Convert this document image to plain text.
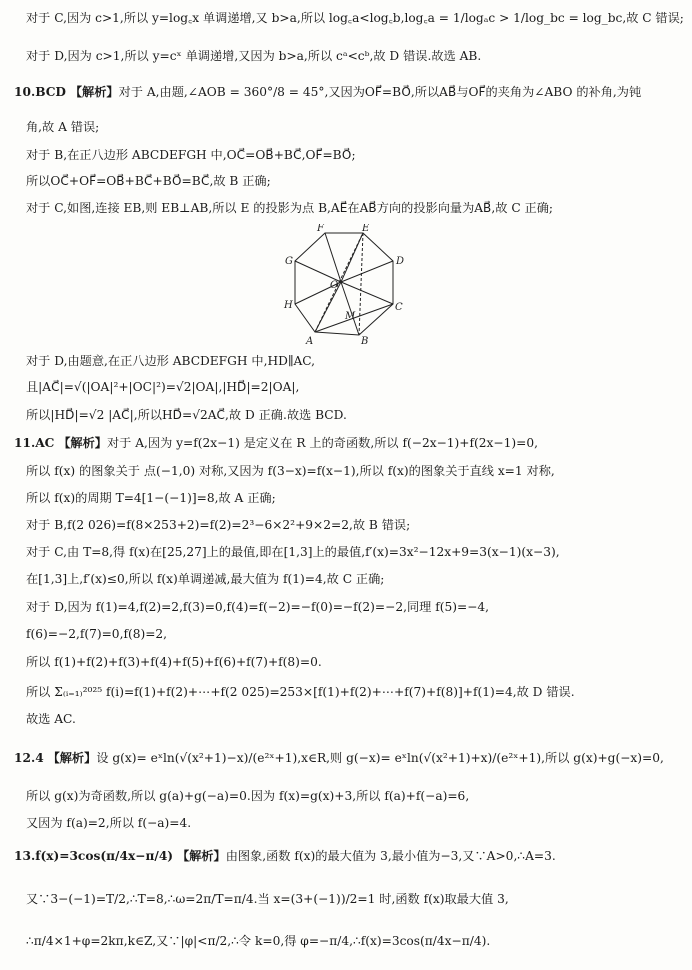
对于 C,因为 c>1,所以 y=log꜀x 单调递增,又 b>a,所以 log꜀a<log꜀b,log꜀a = 1/logₐc > 1/log_bc = log_bc,故 C 错误;
对于 D,因为 c>1,所以 y=cˣ 单调递增,又因为 b>a,所以 cᵃ<cᵇ,故 D 错误.故选 AB.
10.BCD 【解析】对于 A,由题,∠AOB = 360°/8 = 45°,又因为OF⃗=BO⃗,所以AB⃗与OF⃗的夹角为∠ABO 的补角,为钝
角,故 A 错误;
对于 B,在正八边形 ABCDEFGH 中,OC⃗=OB⃗+BC⃗,OF⃗=BO⃗;
所以OC⃗+OF⃗=OB⃗+BC⃗+BO⃗=BC⃗,故 B 正确;
对于 C,如图,连接 EB,则 EB⊥AB,所以 E 的投影为点 B,AE⃗在AB⃗方向的投影向量为AB⃗,故 C 正确;
F	E
G	D
H	C
A	B
O
M
对于 D,由题意,在正八边形 ABCDEFGH 中,HD∥AC,
且|AC⃗|=√(|OA|²+|OC|²)=√2|OA|,|HD⃗|=2|OA|,
所以|HD⃗|=√2 |AC⃗|,所以HD⃗=√2AC⃗,故 D 正确.故选 BCD.
11.AC 【解析】对于 A,因为 y=f(2x−1) 是定义在 R 上的奇函数,所以 f(−2x−1)+f(2x−1)=0,
所以 f(x) 的图象关于 点(−1,0) 对称,又因为 f(3−x)=f(x−1),所以 f(x)的图象关于直线 x=1 对称,
所以 f(x)的周期 T=4[1−(−1)]=8,故 A 正确;
对于 B,f(2 026)=f(8×253+2)=f(2)=2³−6×2²+9×2=2,故 B 错误;
对于 C,由 T=8,得 f(x)在[25,27]上的最值,即在[1,3]上的最值,f′(x)=3x²−12x+9=3(x−1)(x−3),
在[1,3]上,f′(x)≤0,所以 f(x)单调递减,最大值为 f(1)=4,故 C 正确;
对于 D,因为 f(1)=4,f(2)=2,f(3)=0,f(4)=f(−2)=−f(0)=−f(2)=−2,同理 f(5)=−4,
f(6)=−2,f(7)=0,f(8)=2,
所以 f(1)+f(2)+f(3)+f(4)+f(5)+f(6)+f(7)+f(8)=0.
所以 Σ₍ᵢ₌₁₎²⁰²⁵ f(i)=f(1)+f(2)+⋯+f(2 025)=253×[f(1)+f(2)+⋯+f(7)+f(8)]+f(1)=4,故 D 错误.
故选 AC.
12.4 【解析】设 g(x)= eˣln(√(x²+1)−x)/(e²ˣ+1),x∈R,则 g(−x)= eˣln(√(x²+1)+x)/(e²ˣ+1),所以 g(x)+g(−x)=0,
所以 g(x)为奇函数,所以 g(a)+g(−a)=0.因为 f(x)=g(x)+3,所以 f(a)+f(−a)=6,
又因为 f(a)=2,所以 f(−a)=4.
13.f(x)=3cos(π/4x−π/4) 【解析】由图象,函数 f(x)的最大值为 3,最小值为−3,又∵A>0,∴A=3.
又∵3−(−1)=T/2,∴T=8,∴ω=2π/T=π/4.当 x=(3+(−1))/2=1 时,函数 f(x)取最大值 3,
∴π/4×1+φ=2kπ,k∈Z,又∵|φ|<π/2,∴令 k=0,得 φ=−π/4,∴f(x)=3cos(π/4x−π/4).
